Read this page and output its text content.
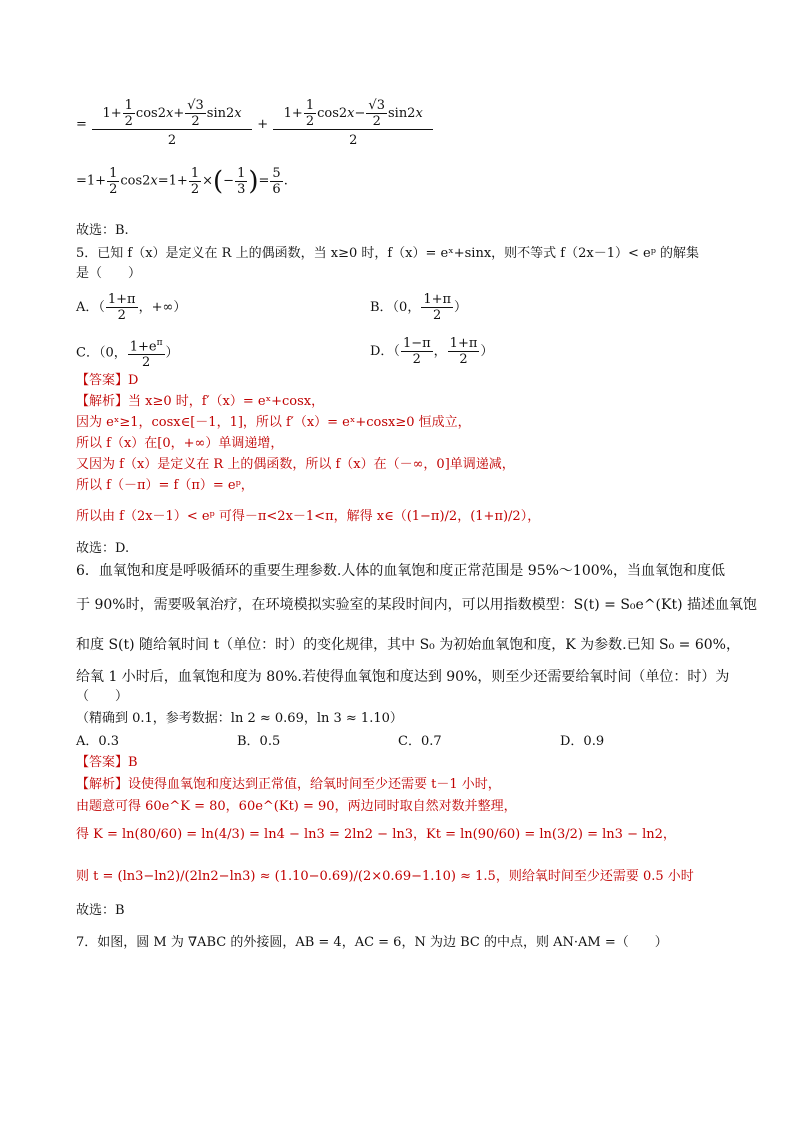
= $\frac{1+ \frac{1}{2} \cos 2x+ \frac{√3}{2} \sin 2x}{2} + \frac{1+ \frac{1}{2} \cos 2x- \frac{√3}{2} \sin 2x}{2}$
$=1+ \frac{1}{2} \cos 2x=1+ \frac{1}{2}$ ×(− $\frac{1}{3}$ )= $\frac{5}{6}$ .
故选：B.
5．已知 f（x）是定义在 R 上的偶函数，当 x≥0 时，f（x）= eˣ+sinx，则不等式 f（2x－1）< eᵖ 的解集
是（　　）
A．（ $\frac{1+\pi}{2}$ ，+∞）	B．（0， $\frac{1+\pi}{2}$ ）
C．（0， $\frac{1+e^\pi}{2}$ ）	D．（ $\frac{1-\pi}{2}$ ， $\frac{1+\pi}{2}$ ）
【答案】D
【解析】当 x≥0 时，f′（x）= eˣ+cosx，
因为 eˣ≥1，cosx∈[－1，1]，所以 f′（x）= eˣ+cosx≥0 恒成立，
所以 f（x）在[0，+∞）单调递增，
又因为 f（x）是定义在 R 上的偶函数，所以 f（x）在（－∞，0]单调递减，
所以 f（－π）= f（π）= eᵖ，
所以由 f（2x－1）< eᵖ 可得－π<2x－1<π，解得 x∈（(1−π)/2，(1+π)/2），
故选：D.
6．血氧饱和度是呼吸循环的重要生理参数.人体的血氧饱和度正常范围是 95%～100%，当血氧饱和度低
于 90%时，需要吸氧治疗，在环境模拟实验室的某段时间内，可以用指数模型：S(t) = S₀e^(Kt) 描述血氧饱
和度 S(t) 随给氧时间 t（单位：时）的变化规律，其中 S₀ 为初始血氧饱和度，K 为参数.已知 S₀ = 60%，
给氧 1 小时后，血氧饱和度为 80%.若使得血氧饱和度达到 90%，则至少还需要给氧时间（单位：时）为
（　　）
（精确到 0.1，参考数据：ln 2 ≈ 0.69，ln 3 ≈ 1.10）
A．0.3	B．0.5	C．0.7	D．0.9
【答案】B
【解析】设使得血氧饱和度达到正常值，给氧时间至少还需要 t－1 小时，
由题意可得 60e^K = 80，60e^(Kt) = 90，两边同时取自然对数并整理，
得 K = ln(80/60) = ln(4/3) = ln4 − ln3 = 2ln2 − ln3，Kt = ln(90/60) = ln(3/2) = ln3 − ln2，
则 t = (ln3−ln2)/(2ln2−ln3) ≈ (1.10−0.69)/(2×0.69−1.10) ≈ 1.5，则给氧时间至少还需要 0.5 小时
故选：B
7．如图，圆 M 为 ∇ABC 的外接圆，AB = 4，AC = 6，N 为边 BC 的中点，则 AN·AM =（　　）
